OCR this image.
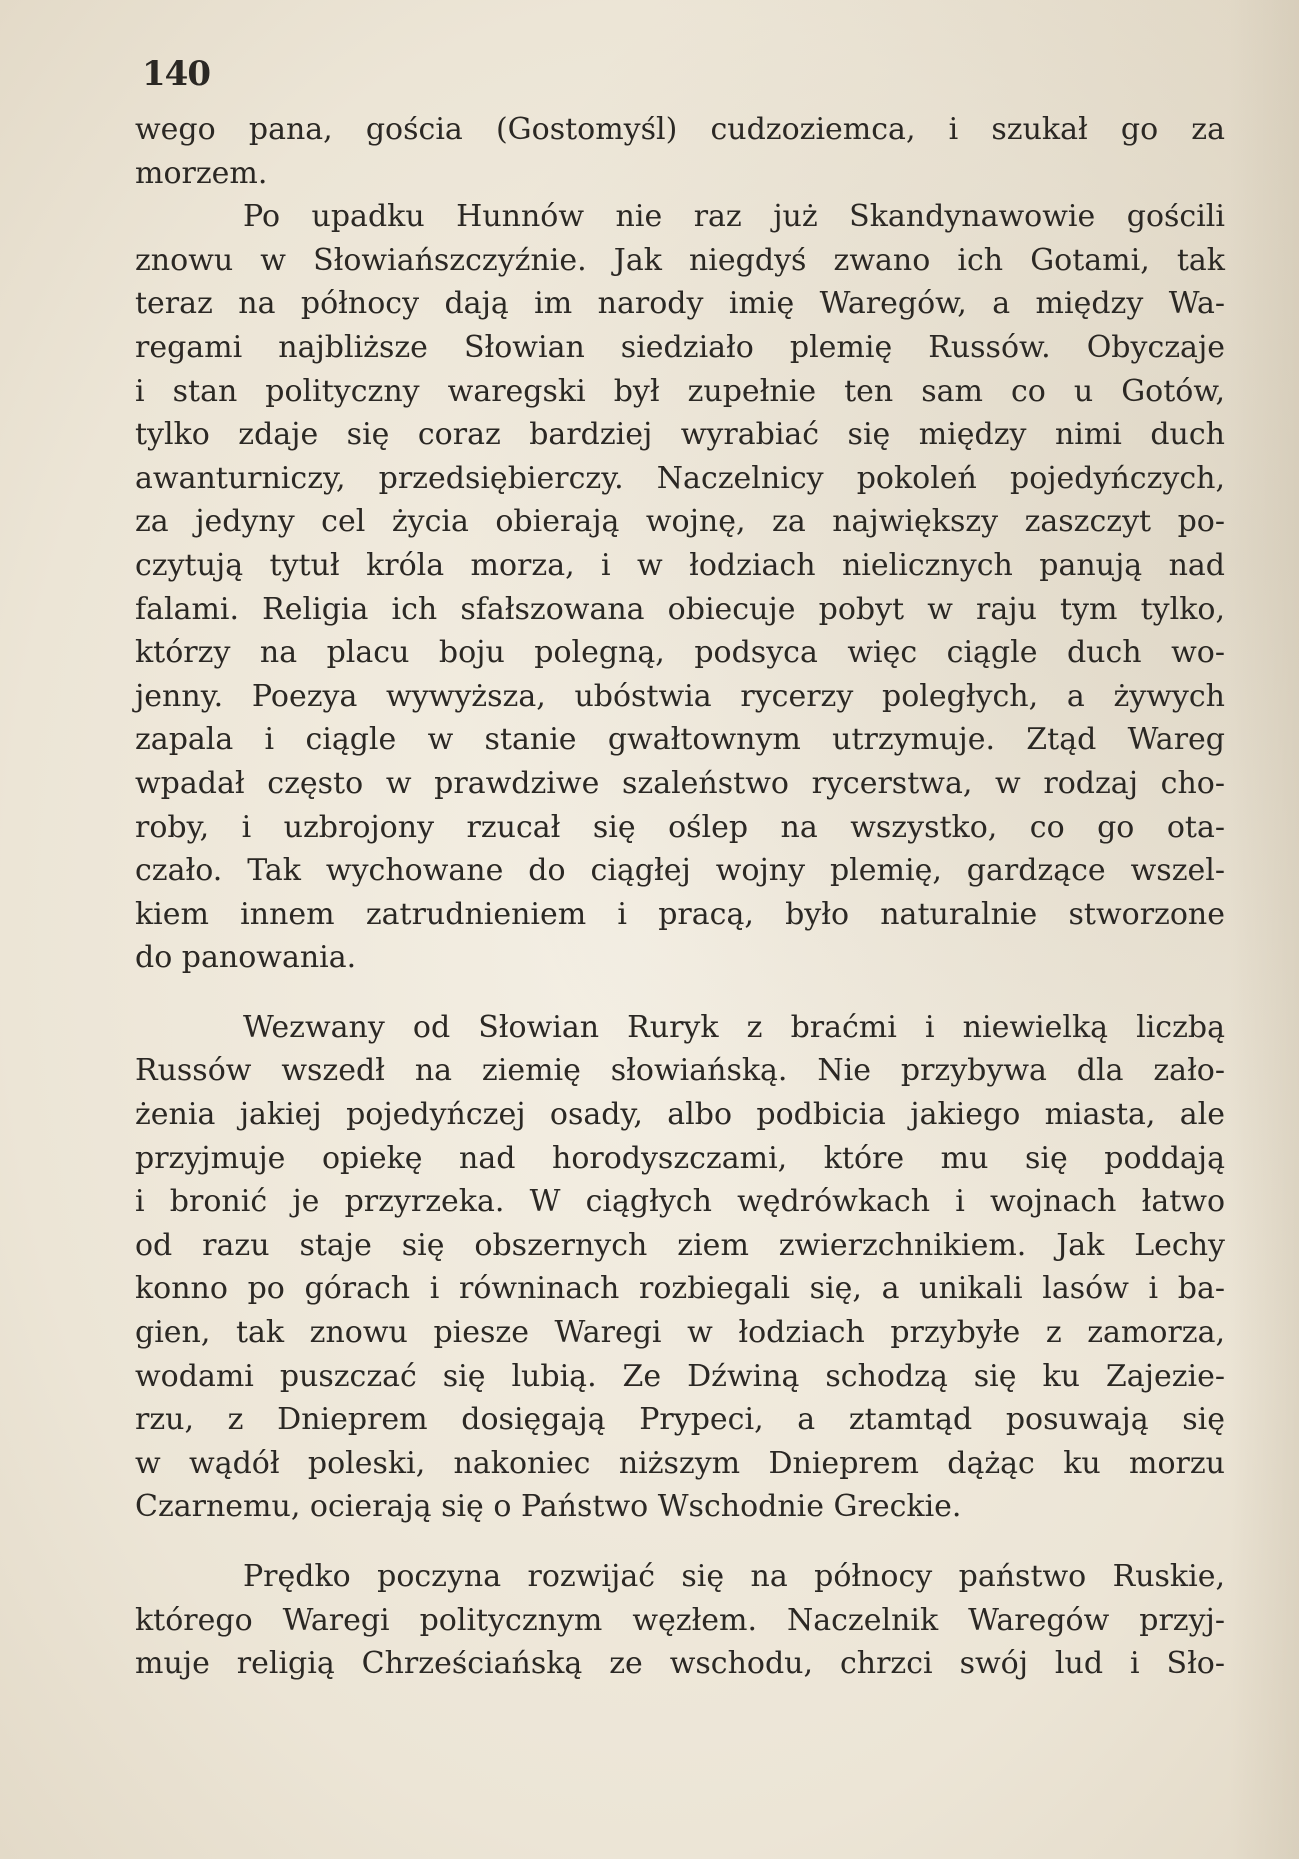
140
wego pana, gościa (Gostomyśl) cudzoziemca, i szukał go za
morzem.
Po upadku Hunnów nie raz już Skandynawowie gościli
znowu w Słowiańszczyźnie. Jak niegdyś zwano ich Gotami, tak
teraz na północy dają im narody imię Waregów, a między Wa-
regami najbliższe Słowian siedziało plemię Russów. Obyczaje
i stan polityczny waregski był zupełnie ten sam co u Gotów,
tylko zdaje się coraz bardziej wyrabiać się między nimi duch
awanturniczy, przedsiębierczy. Naczelnicy pokoleń pojedyńczych,
za jedyny cel życia obierają wojnę, za największy zaszczyt po-
czytują tytuł króla morza, i w łodziach nielicznych panują nad
falami. Religia ich sfałszowana obiecuje pobyt w raju tym tylko,
którzy na placu boju polegną, podsyca więc ciągle duch wo-
jenny. Poezya wywyższa, ubóstwia rycerzy poległych, a żywych
zapala i ciągle w stanie gwałtownym utrzymuje. Ztąd Wareg
wpadał często w prawdziwe szaleństwo rycerstwa, w rodzaj cho-
roby, i uzbrojony rzucał się oślep na wszystko, co go ota-
czało. Tak wychowane do ciągłej wojny plemię, gardzące wszel-
kiem innem zatrudnieniem i pracą, było naturalnie stworzone
do panowania.
Wezwany od Słowian Ruryk z braćmi i niewielką liczbą
Russów wszedł na ziemię słowiańską. Nie przybywa dla zało-
żenia jakiej pojedyńczej osady, albo podbicia jakiego miasta, ale
przyjmuje opiekę nad horodyszczami, które mu się poddają
i bronić je przyrzeka. W ciągłych wędrówkach i wojnach łatwo
od razu staje się obszernych ziem zwierzchnikiem. Jak Lechy
konno po górach i równinach rozbiegali się, a unikali lasów i ba-
gien, tak znowu piesze Waregi w łodziach przybyłe z zamorza,
wodami puszczać się lubią. Ze Dźwiną schodzą się ku Zajezie-
rzu, z Dnieprem dosięgają Prypeci, a ztamtąd posuwają się
w wądół poleski, nakoniec niższym Dnieprem dążąc ku morzu
Czarnemu, ocierają się o Państwo Wschodnie Greckie.
Prędko poczyna rozwijać się na północy państwo Ruskie,
którego Waregi politycznym węzłem. Naczelnik Waregów przyj-
muje religią Chrześciańską ze wschodu, chrzci swój lud i Sło-
